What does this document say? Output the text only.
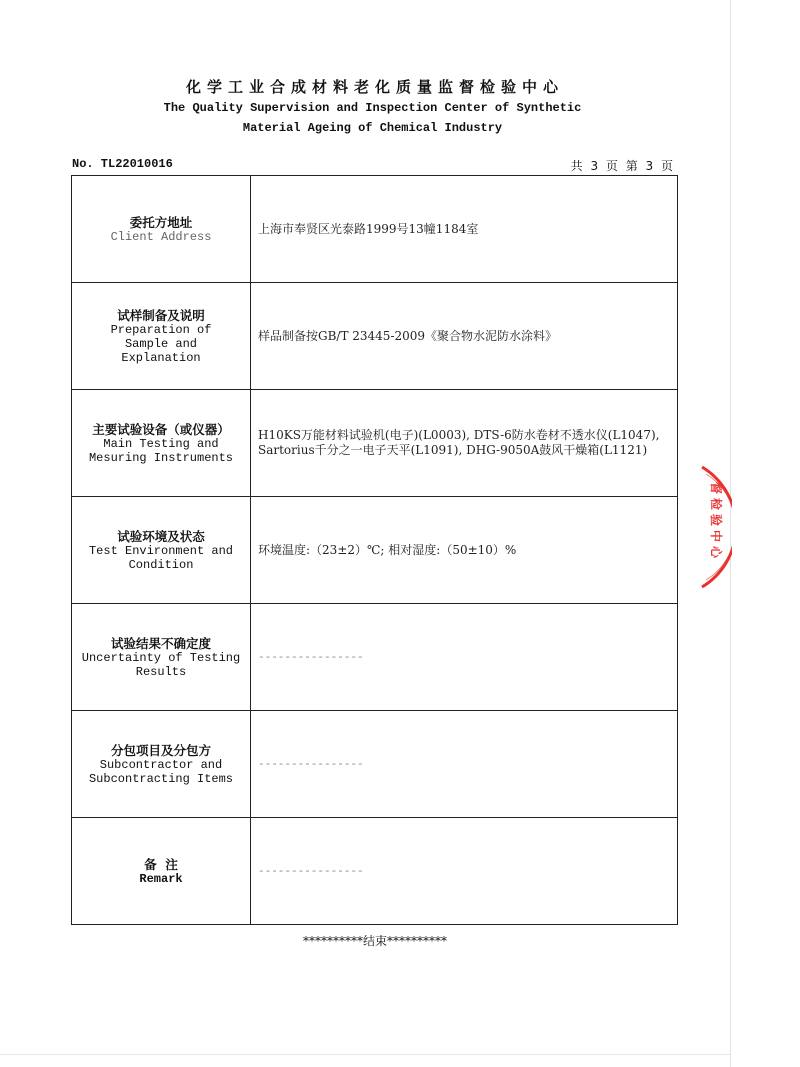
化学工业合成材料老化质量监督检验中心
The Quality Supervision and Inspection Center of Synthetic
Material Ageing of Chemical Industry
No. TL22010016	共 3 页 第 3 页
委托方地址
Client Address	上海市奉贤区光泰路1999号13幢1184室

试样制备及说明
Preparation of Sample and Explanation	样品制备按GB/T 23445-2009《聚合物水泥防水涂料》

主要试验设备（或仪器）
Main Testing and Mesuring Instruments	H10KS万能材料试验机(电子)(L0003), DTS-6防水卷材不透水仪(L1047), Sartorius千分之一电子天平(L1091), DHG-9050A鼓风干燥箱(L1121)

试验环境及状态
Test Environment and Condition	环境温度:（23±2）℃; 相对湿度:（50±10）%

试验结果不确定度
Uncertainty of Testing Results	----------------

分包项目及分包方
Subcontractor and Subcontracting Items	----------------

备  注
Remark	----------------
**********结束**********
督
检
验
中
心
